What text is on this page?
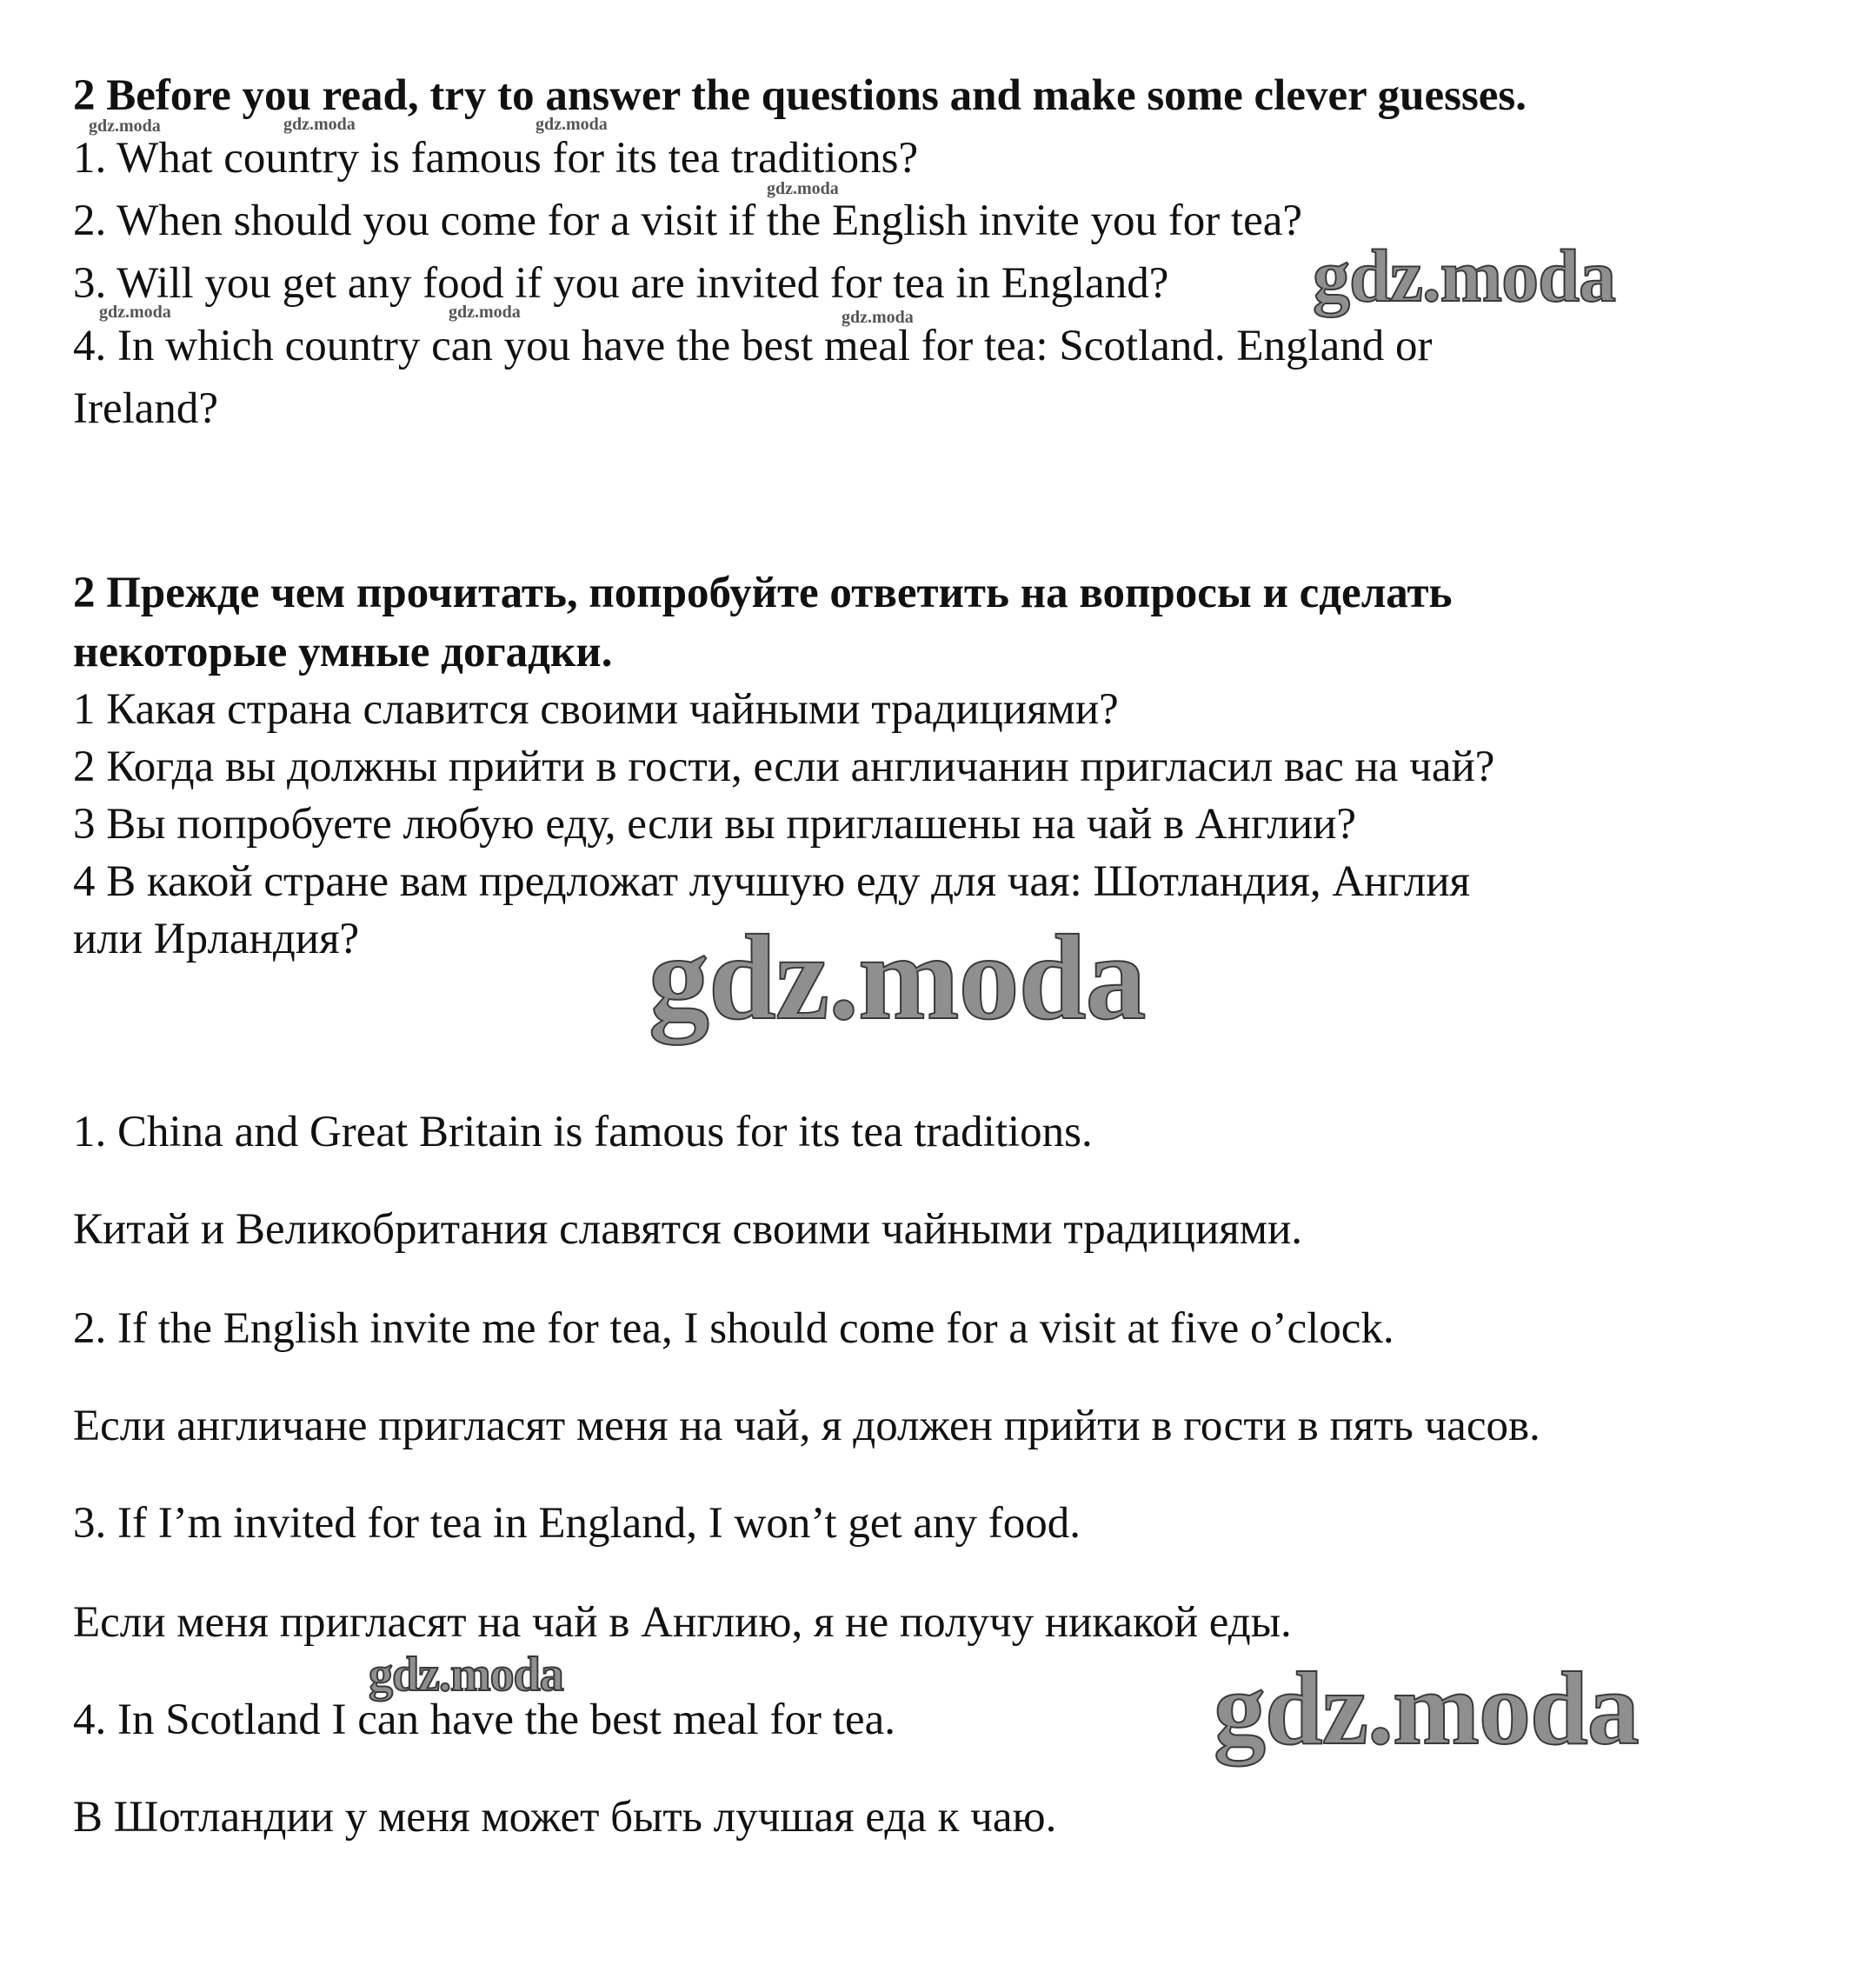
2 Before you read, try to answer the questions and make some clever guesses.

1. What country is famous for its tea traditions?

2. When should you come for a visit if the English invite you for tea?

3. Will you get any food if you are invited for tea in England?

4. In which country can you have the best meal for tea: Scotland. England or

Ireland?

2 Прежде чем прочитать, попробуйте ответить на вопросы и сделать

некоторые умные догадки.

1 Какая страна славится своими чайными традициями?

2 Когда вы должны прийти в гости, если англичанин пригласил вас на чай?

3 Вы попробуете любую еду, если вы приглашены на чай в Англии?

4 В какой стране вам предложат лучшую еду для чая: Шотландия, Англия

или Ирландия?

1. China and Great Britain is famous for its tea traditions.

Китай и Великобритания славятся своими чайными традициями.

2. If the English invite me for tea, I should come for a visit at five o’clock.

Если англичане пригласят меня на чай, я должен прийти в гости в пять часов.

3. If I’m invited for tea in England, I won’t get any food.

Если меня пригласят на чай в Англию, я не получу никакой еды.

4. In Scotland I can have the best meal for tea.

В Шотландии у меня может быть лучшая еда к чаю.

gdz.moda	gdz.moda	gdz.moda
gdz.moda
gdz.moda	gdz.moda	gdz.moda	gdz.moda
gdz.moda
gdz.moda	gdz.moda
